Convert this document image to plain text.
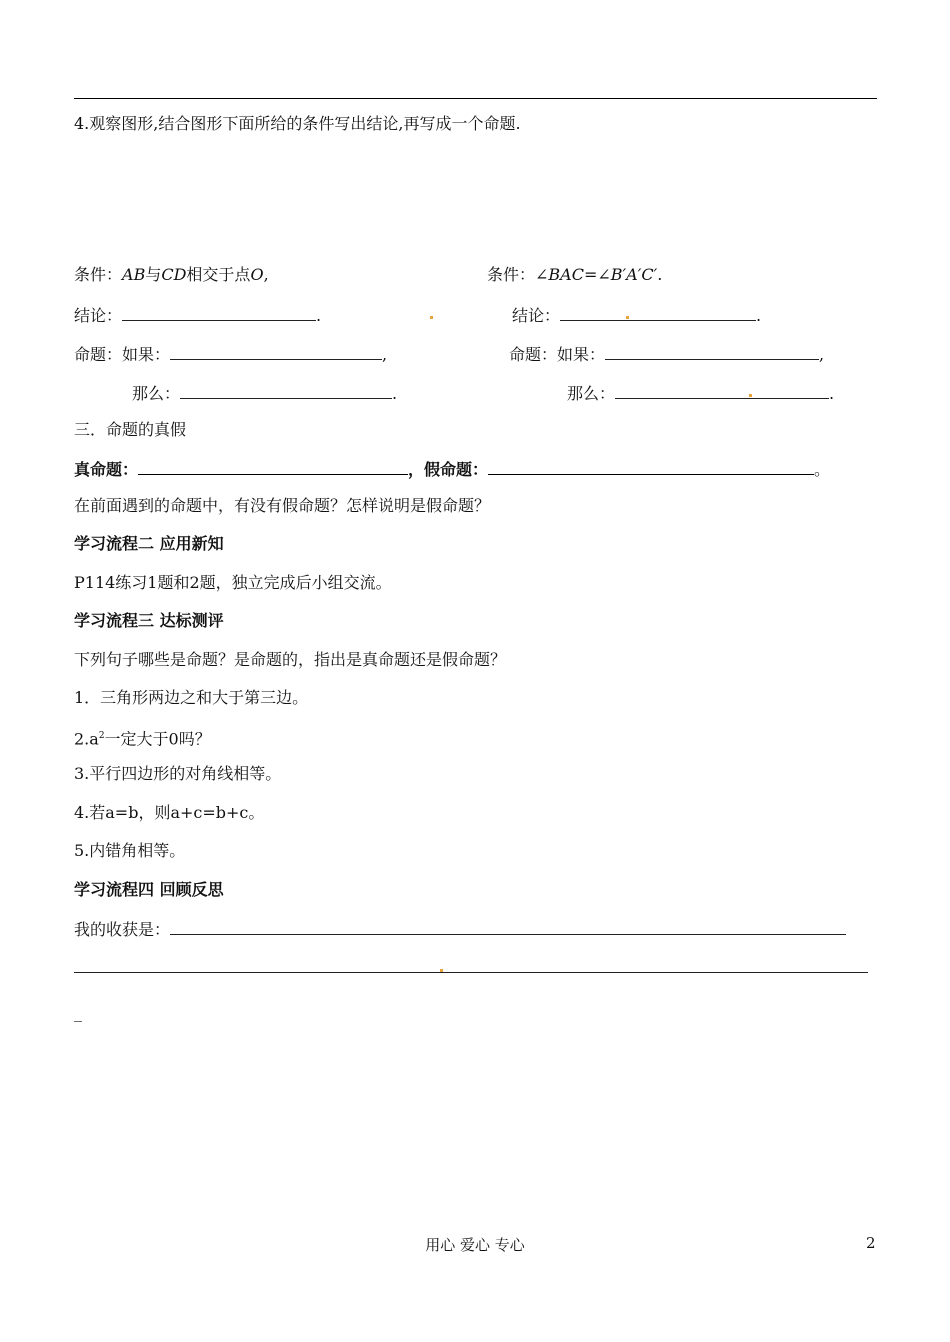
4.观察图形,结合图形下面所给的条件写出结论,再写成一个命题.
条件：AB与CD相交于点O,	条件：∠BAC=∠B′A′C′.
结论：	.	结论：	.
命题：如果：	,	命题：如果：	,
那么：	.	那么：	.
三．命题的真假
真命题：	，假命题：	。
在前面遇到的命题中，有没有假命题？怎样说明是假命题？
学习流程二 应用新知
P114练习1题和2题，独立完成后小组交流。
学习流程三 达标测评
下列句子哪些是命题？是命题的，指出是真命题还是假命题？
1．三角形两边之和大于第三边。
$2.a^2$一定大于0吗？
3.平行四边形的对角线相等。
4.若a=b，则a+c=b+c。
5.内错角相等。
学习流程四 回顾反思
我的收获是：
_
用心 爱心 专心	2
